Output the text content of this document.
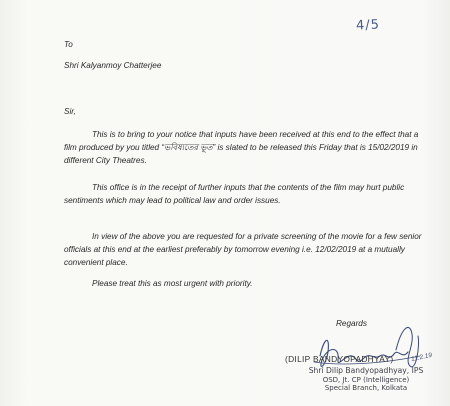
4/5

To

Shri Kalyanmoy Chatterjee

Sir,

This is to bring to your notice that inputs have been received at this end to the effect that a film produced by you titled “ভবিষ্যতের ভূত” is slated to be released this Friday that is 15/02/2019 in different City Theatres.

This office is in the receipt of further inputs that the contents of the film may hurt public sentiments which may lead to political law and order issues.

In view of the above you are requested for a private screening of the movie for a few senior officials at this end at the earliest preferably by tomorrow evening i.e. 12/02/2019 at a mutually convenient place.

Please treat this as most urgent with priority.

Regards

11.2.19

(DILIP BANDYOPADHYAY)

Shri Dilip Bandyopadhyay, IPS
OSD, Jt. CP (Intelligence)
Special Branch, Kolkata
